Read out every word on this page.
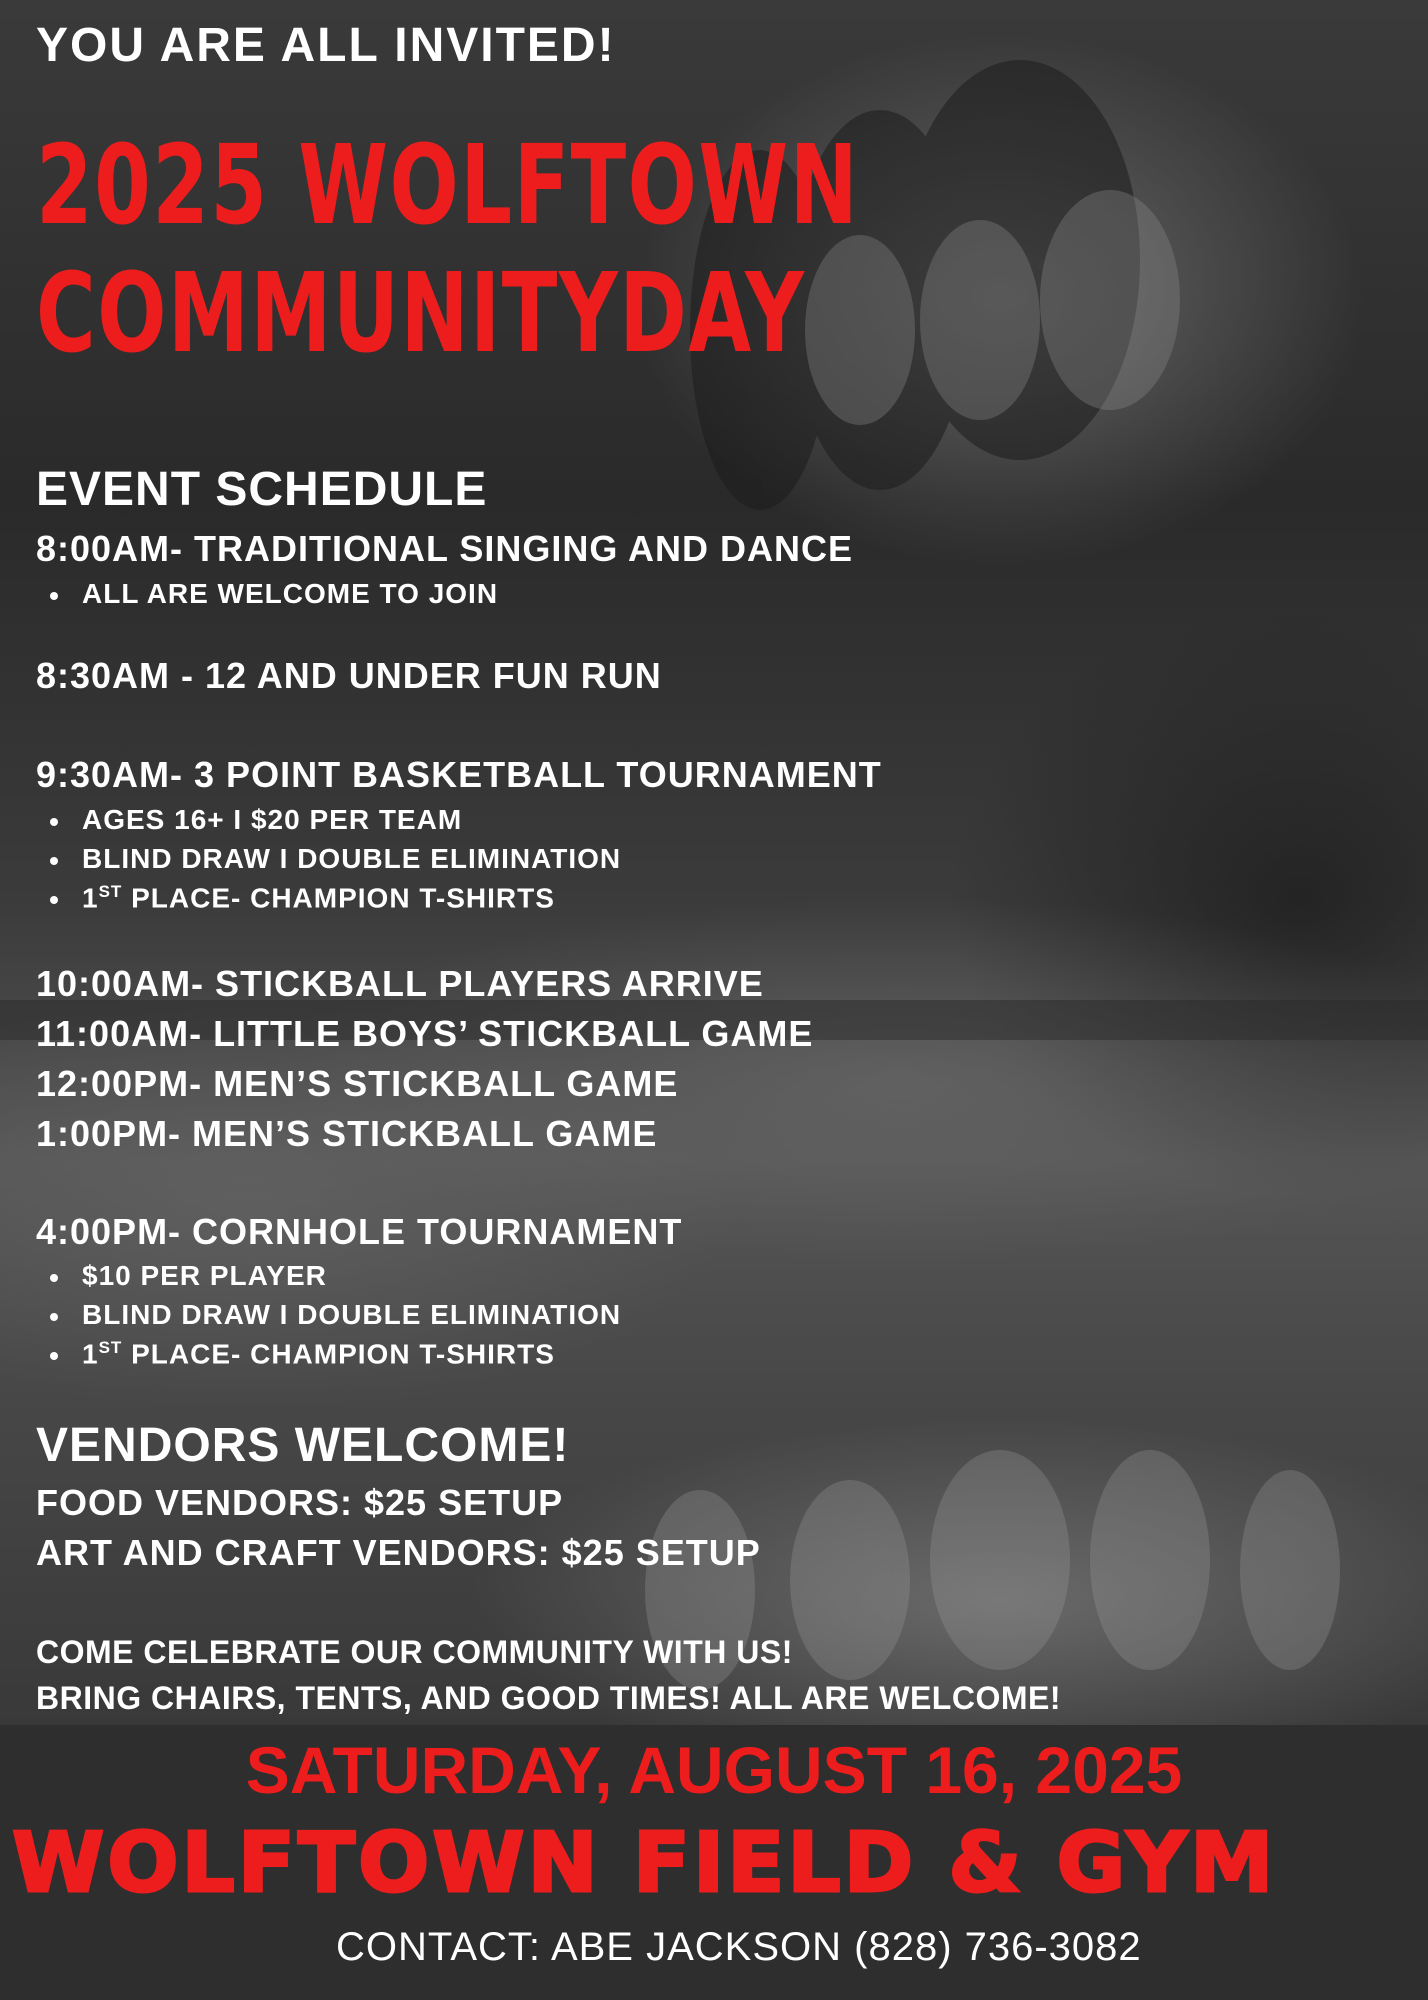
YOU ARE ALL INVITED!

2025 WOLFTOWN

COMMUNITYDAY

EVENT SCHEDULE

8:00AM- TRADITIONAL SINGING AND DANCE

ALL ARE WELCOME TO JOIN

8:30AM - 12 AND UNDER FUN RUN

9:30AM- 3 POINT BASKETBALL TOURNAMENT

AGES 16+ I $20 PER TEAM

BLIND DRAW I DOUBLE ELIMINATION

1ST PLACE- CHAMPION T-SHIRTS

10:00AM- STICKBALL PLAYERS ARRIVE

11:00AM- LITTLE BOYS’ STICKBALL GAME

12:00PM- MEN’S STICKBALL GAME

1:00PM- MEN’S STICKBALL GAME

4:00PM- CORNHOLE TOURNAMENT

$10 PER PLAYER

BLIND DRAW I DOUBLE ELIMINATION

1ST PLACE- CHAMPION T-SHIRTS

VENDORS WELCOME!

FOOD VENDORS: $25 SETUP

ART AND CRAFT VENDORS: $25 SETUP

COME CELEBRATE OUR COMMUNITY WITH US!

BRING CHAIRS, TENTS, AND GOOD TIMES! ALL ARE WELCOME!

SATURDAY, AUGUST 16, 2025

WOLFTOWN FIELD & GYM

CONTACT: ABE JACKSON (828) 736-3082
